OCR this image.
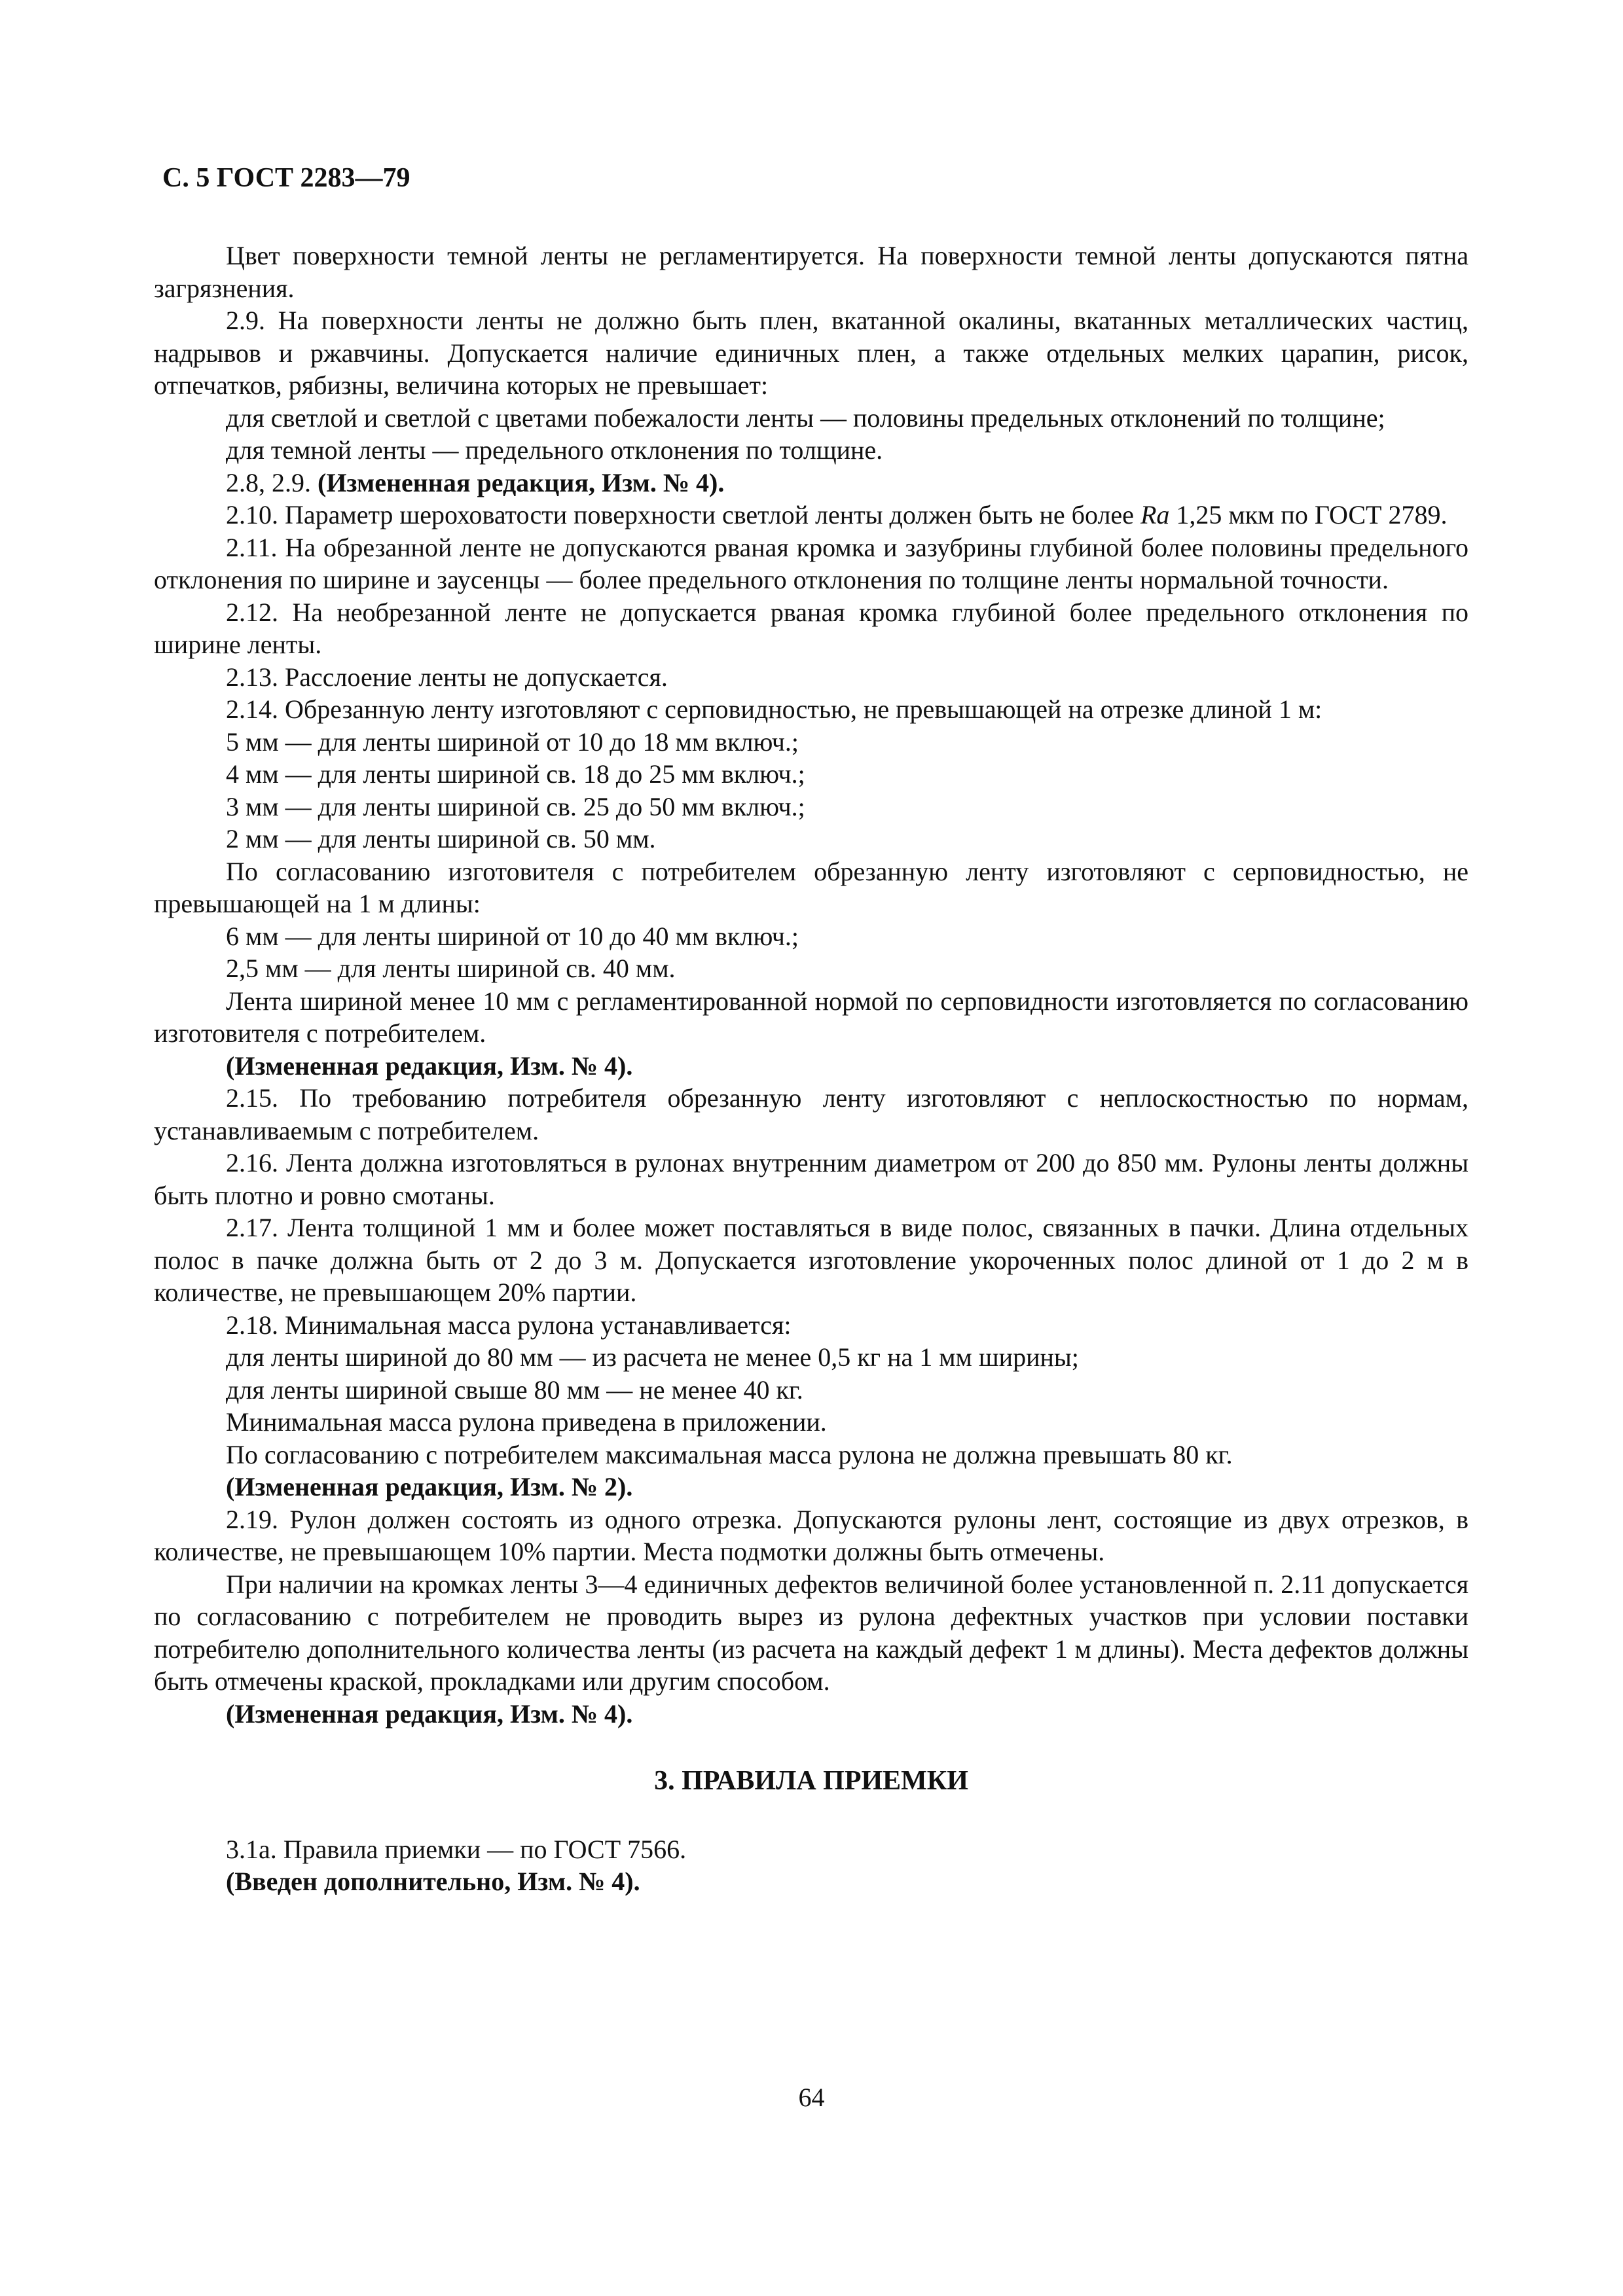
С. 5 ГОСТ 2283—79
Цвет поверхности темной ленты не регламентируется. На поверхности темной ленты допускаются пятна загрязнения.
2.9. На поверхности ленты не должно быть плен, вкатанной окалины, вкатанных металлических частиц, надрывов и ржавчины. Допускается наличие единичных плен, а также отдельных мелких царапин, рисок, отпечатков, рябизны, величина которых не превышает:
для светлой и светлой с цветами побежалости ленты — половины предельных отклонений по толщине;
для темной ленты — предельного отклонения по толщине.
2.8, 2.9. (Измененная редакция, Изм. № 4).
2.10. Параметр шероховатости поверхности светлой ленты должен быть не более Ra 1,25 мкм по ГОСТ 2789.
2.11. На обрезанной ленте не допускаются рваная кромка и зазубрины глубиной более половины предельного отклонения по ширине и заусенцы — более предельного отклонения по толщине ленты нормальной точности.
2.12. На необрезанной ленте не допускается рваная кромка глубиной более предельного отклонения по ширине ленты.
2.13. Расслоение ленты не допускается.
2.14. Обрезанную ленту изготовляют с серповидностью, не превышающей на отрезке длиной 1 м:
5 мм — для ленты шириной от 10 до 18 мм включ.;
4 мм — для ленты шириной св. 18 до 25 мм включ.;
3 мм — для ленты шириной св. 25 до 50 мм включ.;
2 мм — для ленты шириной св. 50 мм.
По согласованию изготовителя с потребителем обрезанную ленту изготовляют с серповидностью, не превышающей на 1 м длины:
6 мм — для ленты шириной от 10 до 40 мм включ.;
2,5 мм — для ленты шириной св. 40 мм.
Лента шириной менее 10 мм с регламентированной нормой по серповидности изготовляется по согласованию изготовителя с потребителем.
(Измененная редакция, Изм. № 4).
2.15. По требованию потребителя обрезанную ленту изготовляют с неплоскостностью по нормам, устанавливаемым с потребителем.
2.16. Лента должна изготовляться в рулонах внутренним диаметром от 200 до 850 мм. Рулоны ленты должны быть плотно и ровно смотаны.
2.17. Лента толщиной 1 мм и более может поставляться в виде полос, связанных в пачки. Длина отдельных полос в пачке должна быть от 2 до 3 м. Допускается изготовление укороченных полос длиной от 1 до 2 м в количестве, не превышающем 20% партии.
2.18. Минимальная масса рулона устанавливается:
для ленты шириной до 80 мм — из расчета не менее 0,5 кг на 1 мм ширины;
для ленты шириной свыше 80 мм — не менее 40 кг.
Минимальная масса рулона приведена в приложении.
По согласованию с потребителем максимальная масса рулона не должна превышать 80 кг.
(Измененная редакция, Изм. № 2).
2.19. Рулон должен состоять из одного отрезка. Допускаются рулоны лент, состоящие из двух отрезков, в количестве, не превышающем 10% партии. Места подмотки должны быть отмечены.
При наличии на кромках ленты 3—4 единичных дефектов величиной более установленной п. 2.11 допускается по согласованию с потребителем не проводить вырез из рулона дефектных участков при условии поставки потребителю дополнительного количества ленты (из расчета на каждый дефект 1 м длины). Места дефектов должны быть отмечены краской, прокладками или другим способом.
(Измененная редакция, Изм. № 4).
3. ПРАВИЛА ПРИЕМКИ
3.1а. Правила приемки — по ГОСТ 7566.
(Введен дополнительно, Изм. № 4).
64
